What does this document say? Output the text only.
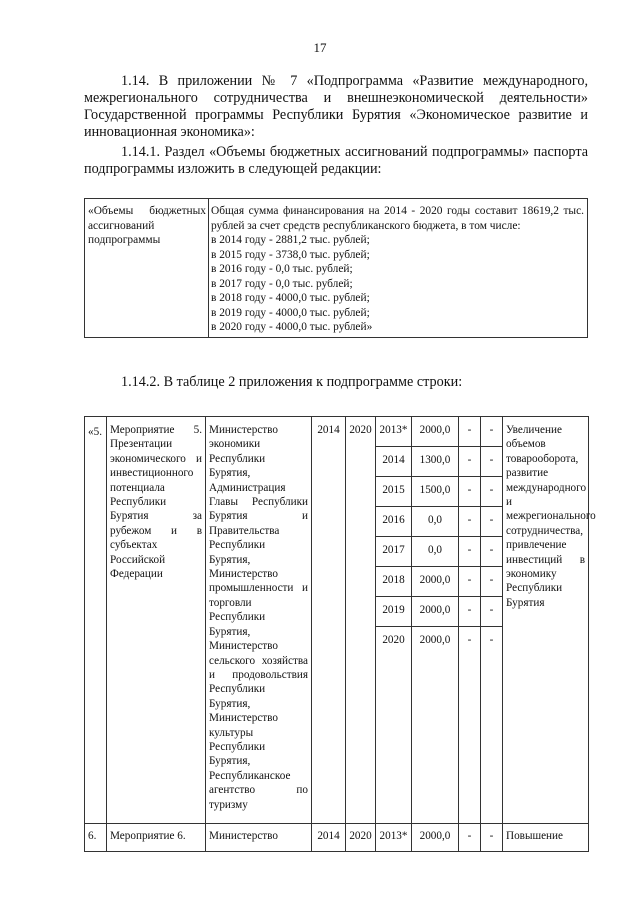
17

1.14. В приложении № 7 «Подпрограмма «Развитие международного, межрегионального сотрудничества и внешнеэкономической деятельности» Государственной программы Республики Бурятия «Экономическое развитие и инновационная экономика»:

1.14.1. Раздел «Объемы бюджетных ассигнований подпрограммы» паспорта подпрограммы изложить в следующей редакции:

«Объемы бюджетных ассигнований подпрограммы	
Общая сумма финансирования на 2014 - 2020 годы составит 18619,2 тыс. рублей за счет средств республиканского бюджета, в том числе:
в 2014 году - 2881,2 тыс. рублей;
в 2015 году - 3738,0 тыс. рублей;
в 2016 году - 0,0 тыс. рублей;
в 2017 году - 0,0 тыс. рублей;
в 2018 году - 4000,0 тыс. рублей;
в 2019 году - 4000,0 тыс. рублей;
в 2020 году - 4000,0 тыс. рублей»

1.14.2. В таблице 2 приложения к подпрограмме строки:

«5.	Мероприятие 5. Презентации экономического и инвестиционного потенциала Республики Бурятия за рубежом и в субъектах Российской Федерации	Министерство экономики Республики Бурятия, Администрация Главы Республики Бурятия и Правительства Республики Бурятия, Министерство промышленности и торговли Республики Бурятия, Министерство сельского хозяйства и продовольствия Республики Бурятия, Министерство культуры Республики Бурятия, Республиканское агентство по туризму	2014	2020	2013*	2000,0	-	-	Увеличение объемов товарооборота, развитие международного и межрегионального сотрудничества, привлечение инвестиций в экономику Республики Бурятия
					2014	1300,0	-	-	
					2015	1500,0	-	-	
					2016	0,0	-	-	
					2017	0,0	-	-	
					2018	2000,0	-	-	
					2019	2000,0	-	-	
					2020	2000,0	-	-	
6.	Мероприятие 6.	Министерство	2014	2020	2013*	2000,0	-	-	Повышение
